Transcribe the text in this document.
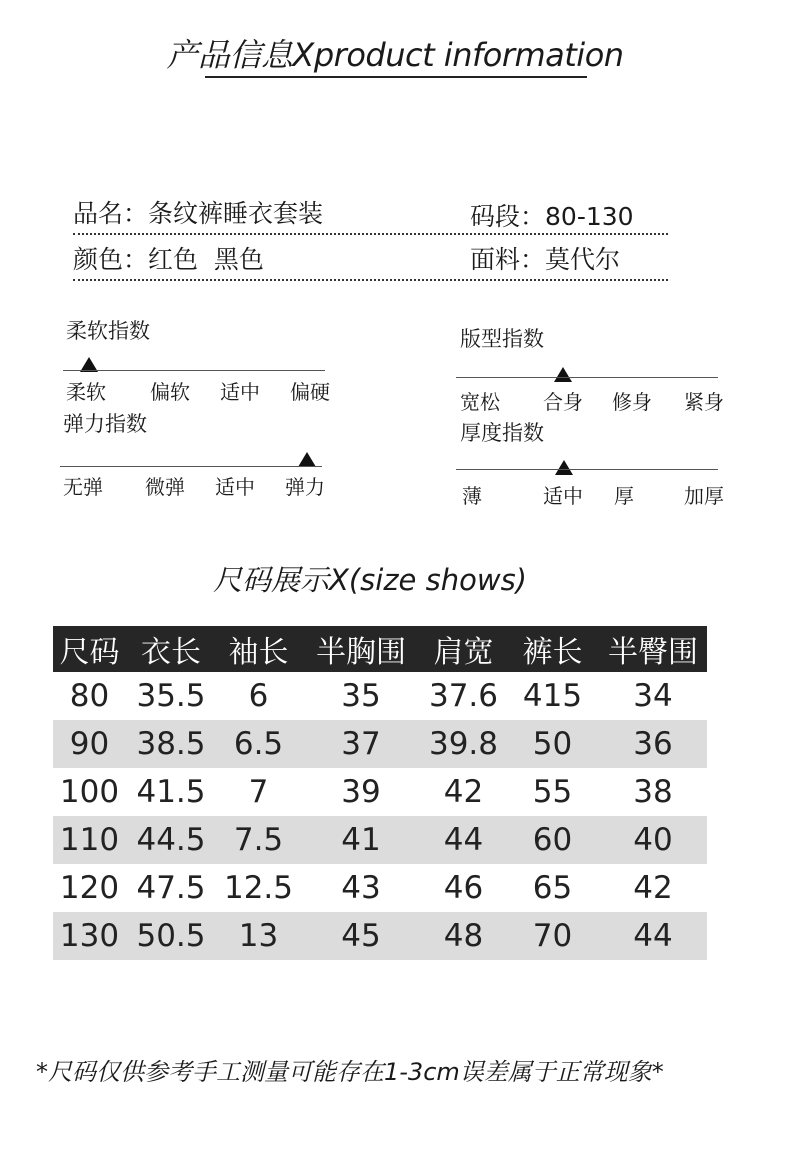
产品信息Xproduct information
品名：条纹裤睡衣套装	码段：80-130
颜色：红色  黑色	面料：莫代尔
柔软指数
柔软 偏软 适中 偏硬
弹力指数
无弹 微弹 适中 弹力
版型指数
宽松 合身 修身 紧身
厚度指数
薄	适中 厚	加厚
尺码展示X(size shows)
尺码	衣长	袖长	半胸围	肩宽	裤长	半臀围
80	35.5	6	35	37.6	415	34
90	38.5	6.5	37	39.8	50	36
100	41.5	7	39	42	55	38
110	44.5	7.5	41	44	60	40
120	47.5	12.5	43	46	65	42
130	50.5	13	45	48	70	44
*尺码仅供参考手工测量可能存在1-3cm误差属于正常现象*
